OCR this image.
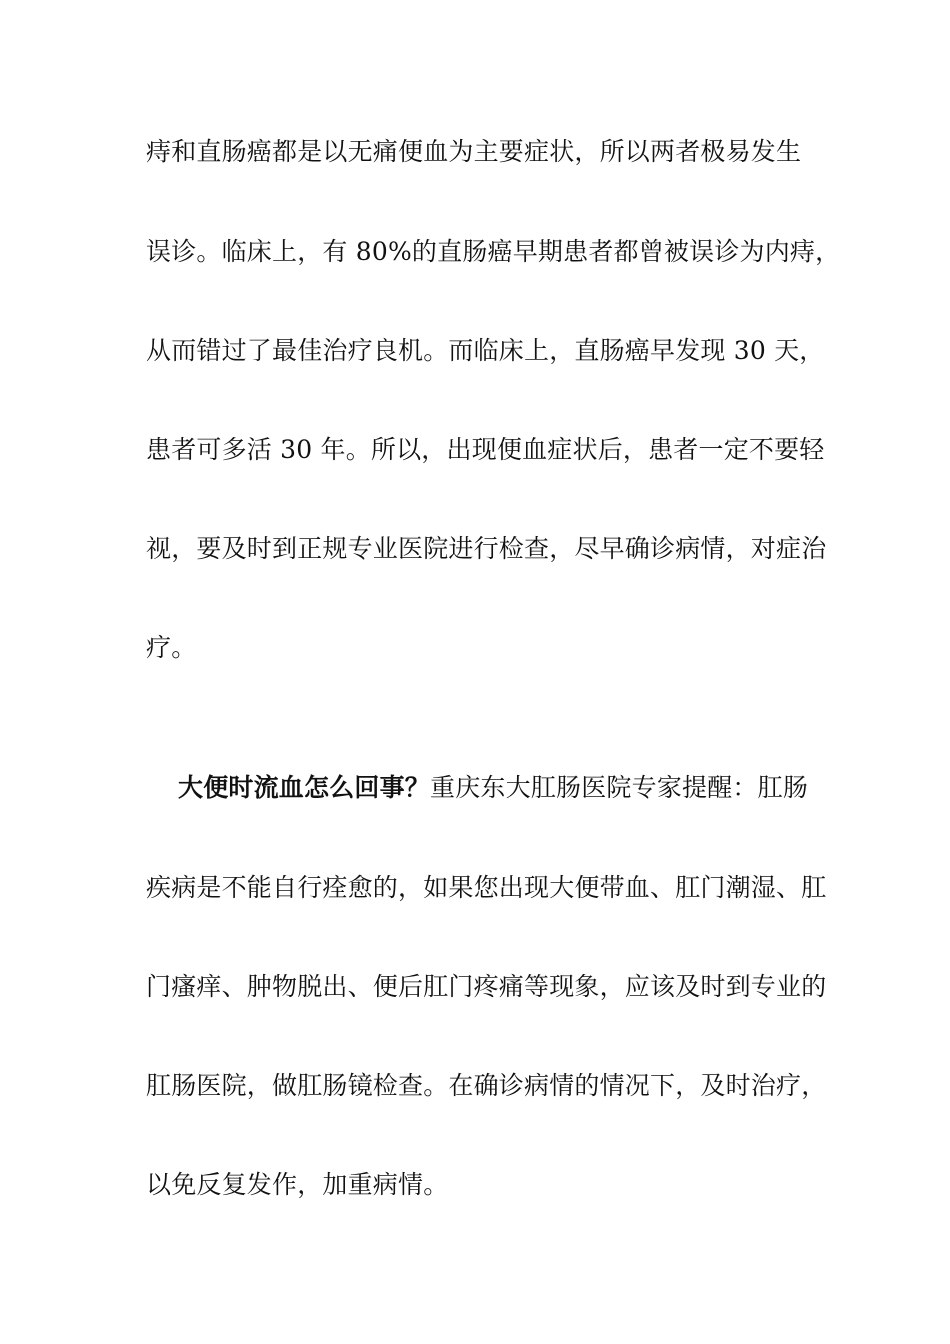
痔和直肠癌都是以无痛便血为主要症状，所以两者极易发生
误诊。临床上，有 80%的直肠癌早期患者都曾被误诊为内痔，
从而错过了最佳治疗良机。而临床上，直肠癌早发现 30 天，
患者可多活 30 年。所以，出现便血症状后，患者一定不要轻
视，要及时到正规专业医院进行检查，尽早确诊病情，对症治
疗。
大便时流血怎么回事？重庆东大肛肠医院专家提醒：肛肠
疾病是不能自行痊愈的，如果您出现大便带血、肛门潮湿、肛
门瘙痒、肿物脱出、便后肛门疼痛等现象，应该及时到专业的
肛肠医院，做肛肠镜检查。在确诊病情的情况下，及时治疗，
以免反复发作，加重病情。
